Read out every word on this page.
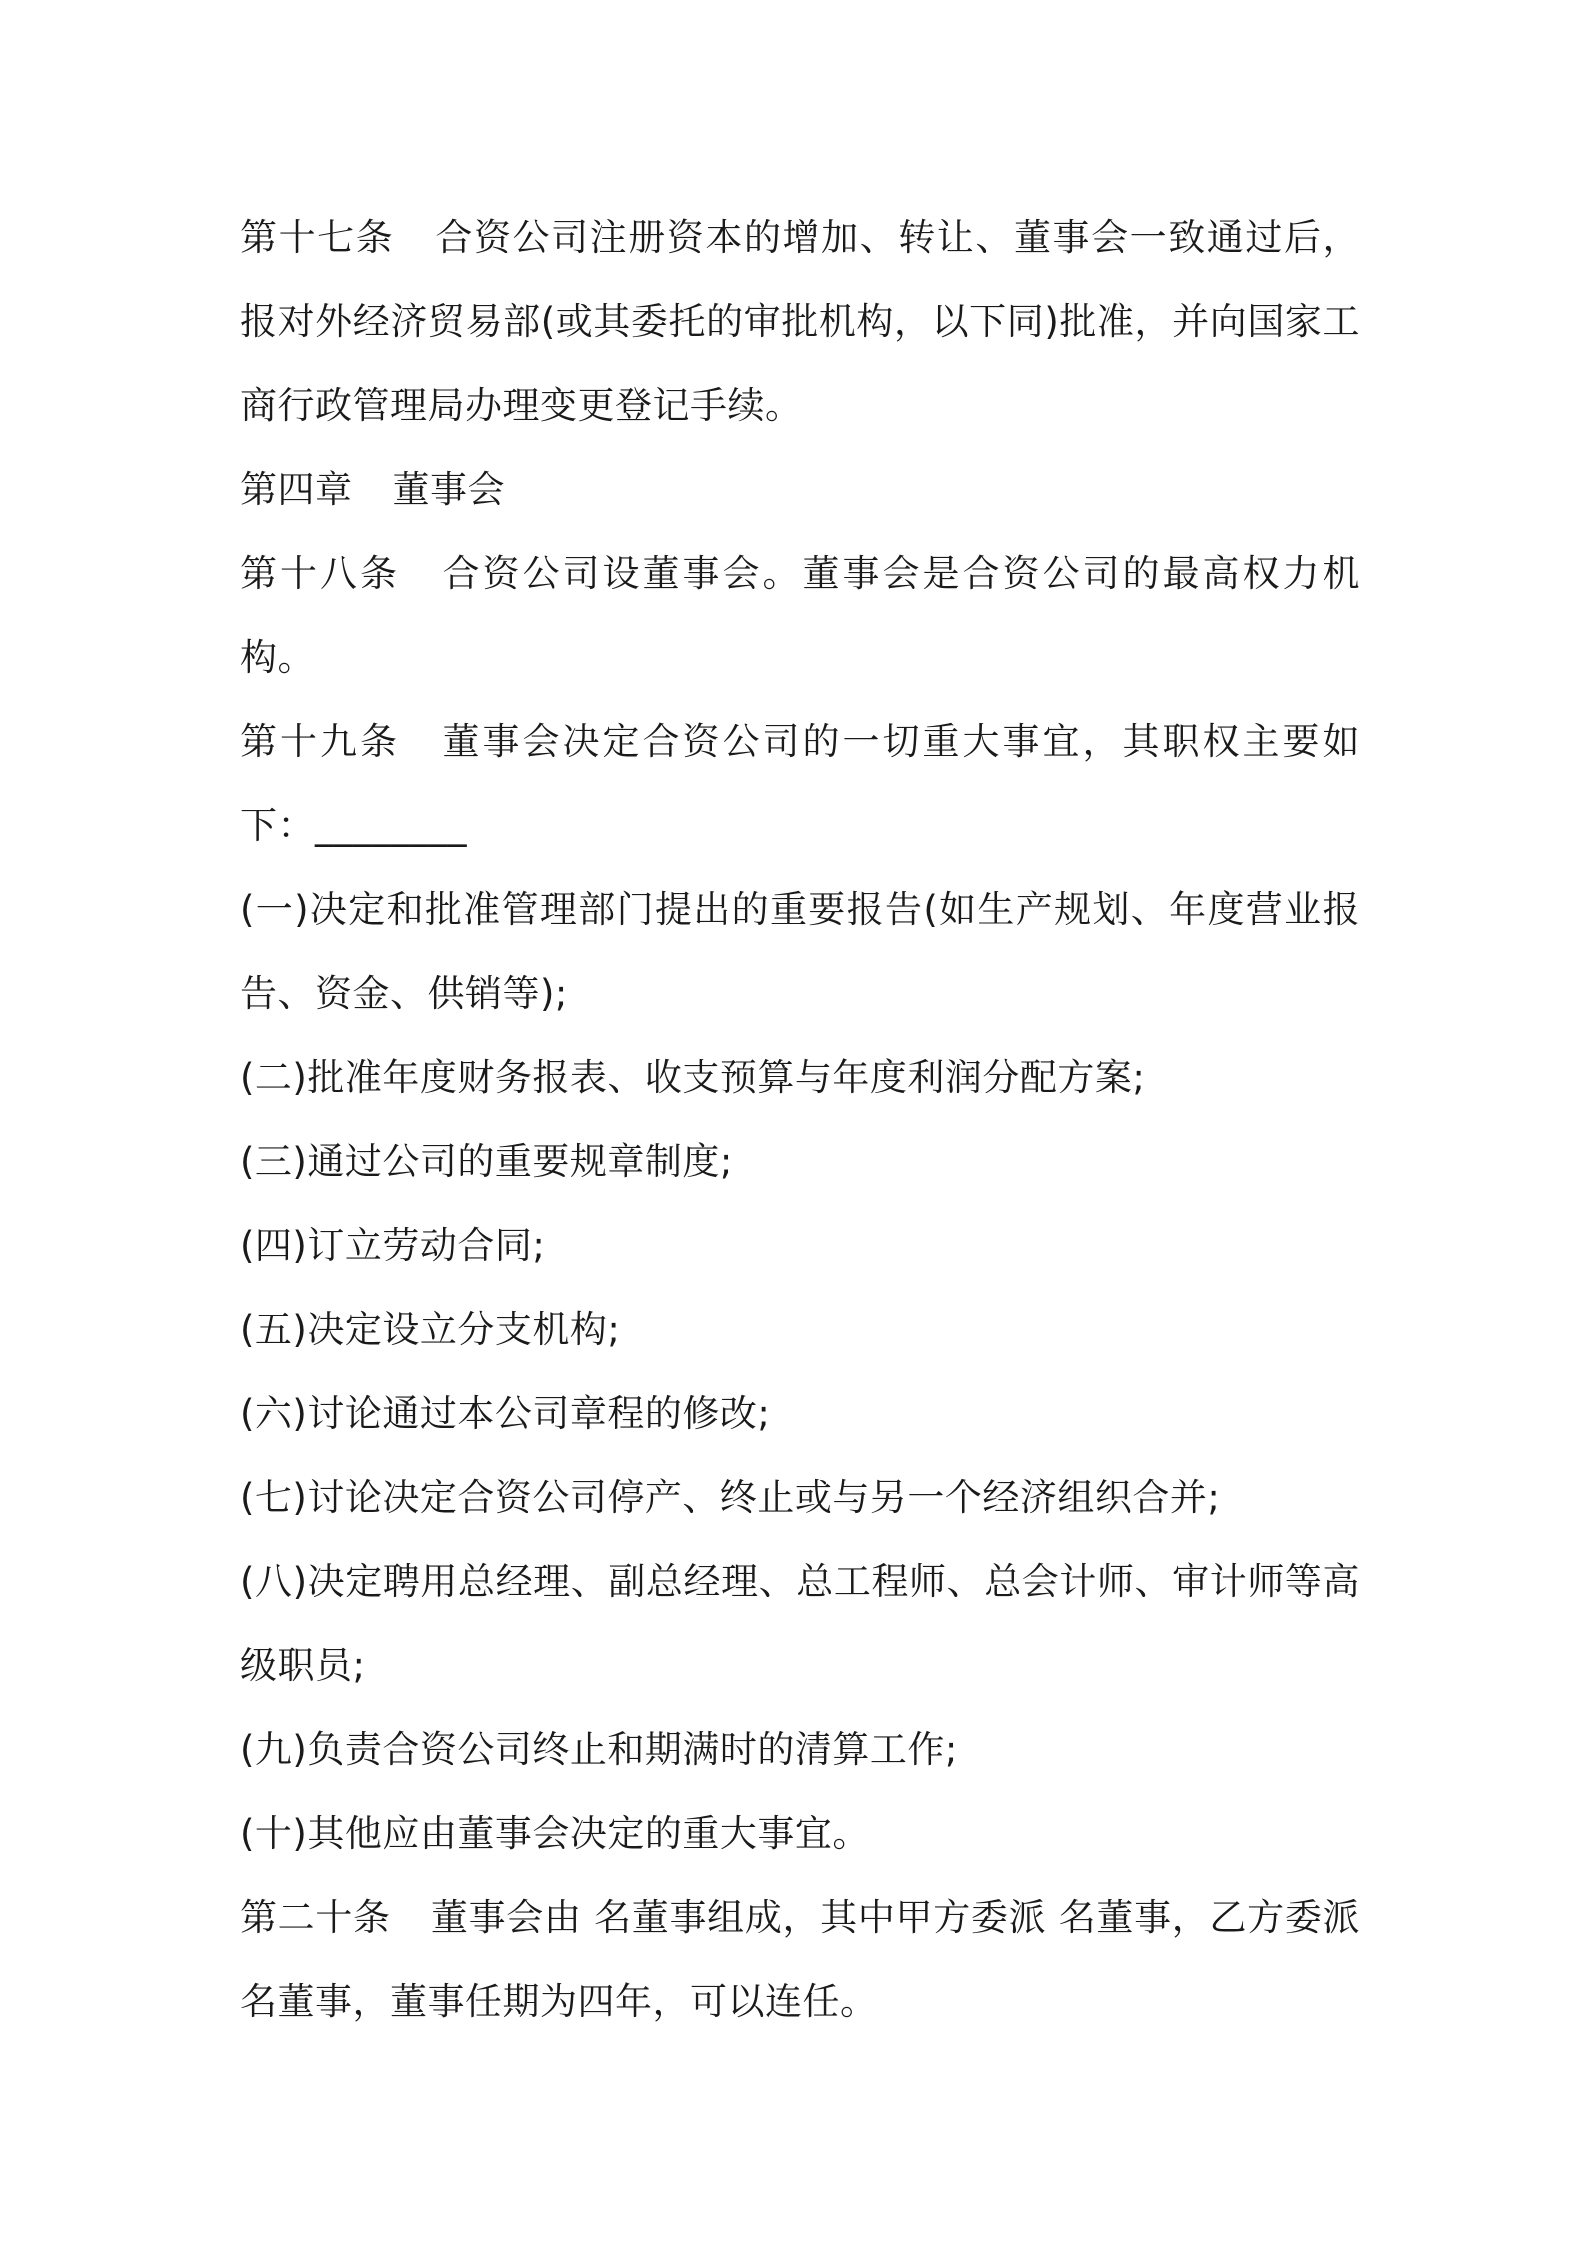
第十七条 合资公司注册资本的增加、转让、董事会一致通过后，报对外经济贸易部(或其委托的审批机构，以下同)批准，并向国家工商行政管理局办理变更登记手续。

第四章 董事会

第十八条 合资公司设董事会。董事会是合资公司的最高权力机构。

第十九条 董事会决定合资公司的一切重大事宜，其职权主要如下：________

(一)决定和批准管理部门提出的重要报告(如生产规划、年度营业报告、资金、供销等);

(二)批准年度财务报表、收支预算与年度利润分配方案;

(三)通过公司的重要规章制度;

(四)订立劳动合同;

(五)决定设立分支机构;

(六)讨论通过本公司章程的修改;

(七)讨论决定合资公司停产、终止或与另一个经济组织合并;

(八)决定聘用总经理、副总经理、总工程师、总会计师、审计师等高级职员;

(九)负责合资公司终止和期满时的清算工作;

(十)其他应由董事会决定的重大事宜。

第二十条 董事会由 名董事组成，其中甲方委派 名董事，乙方委派 名董事，董事任期为四年，可以连任。
